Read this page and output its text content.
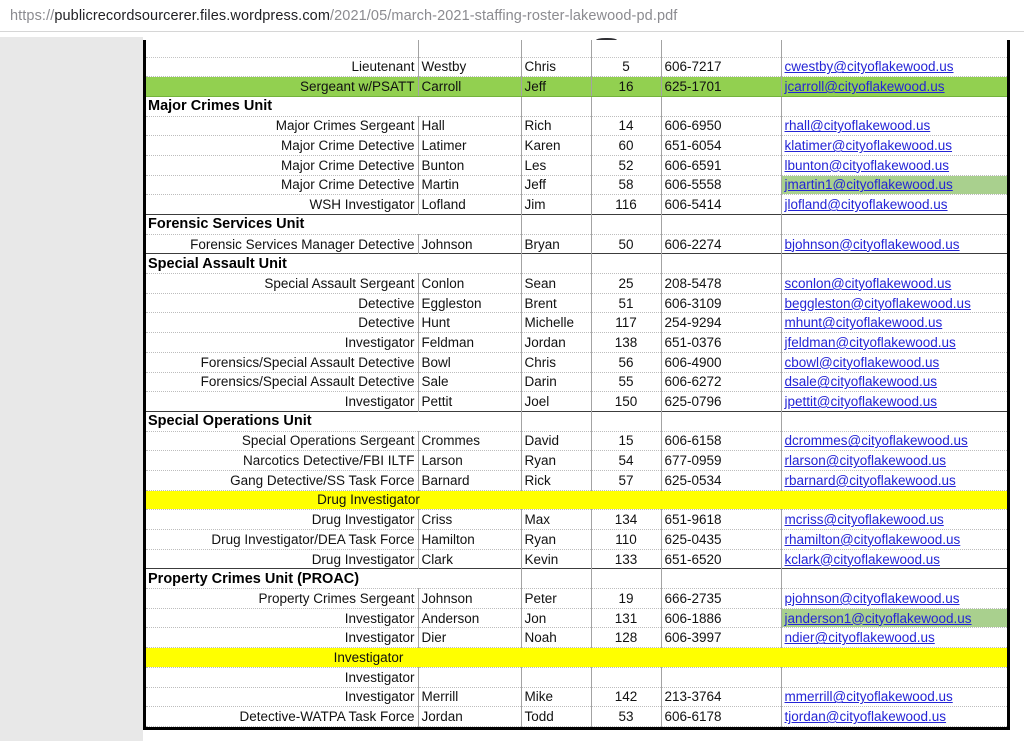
https:// publicrecordsourcerer.files.wordpress.com /2021/05/march-2021-staffing-roster-lakewood-pd.pdf

Lieutenant	Westby	Chris	5	606-7217	cwestby@cityoflakewood.us
Sergeant w/PSATT	Carroll	Jeff	16	625-1701	jcarroll@cityoflakewood.us
Major Crimes Unit					
Major Crimes Sergeant	Hall	Rich	14	606-6950	rhall@cityoflakewood.us
Major Crime Detective	Latimer	Karen	60	651-6054	klatimer@cityoflakewood.us
Major Crime Detective	Bunton	Les	52	606-6591	lbunton@cityoflakewood.us
Major Crime Detective	Martin	Jeff	58	606-5558	jmartin1@cityoflakewood.us
WSH Investigator	Lofland	Jim	116	606-5414	jlofland@cityoflakewood.us
Forensic Services Unit					
Forensic Services Manager Detective	Johnson	Bryan	50	606-2274	bjohnson@cityoflakewood.us
Special Assault Unit					
Special Assault Sergeant	Conlon	Sean	25	208-5478	sconlon@cityoflakewood.us
Detective	Eggleston	Brent	51	606-3109	beggleston@cityoflakewood.us
Detective	Hunt	Michelle	117	254-9294	mhunt@cityoflakewood.us
Investigator	Feldman	Jordan	138	651-0376	jfeldman@cityoflakewood.us
Forensics/Special Assault Detective	Bowl	Chris	56	606-4900	cbowl@cityoflakewood.us
Forensics/Special Assault Detective	Sale	Darin	55	606-6272	dsale@cityoflakewood.us
Investigator	Pettit	Joel	150	625-0796	jpettit@cityoflakewood.us
Special Operations Unit					
Special Operations Sergeant	Crommes	David	15	606-6158	dcrommes@cityoflakewood.us
Narcotics Detective/FBI ILTF	Larson	Ryan	54	677-0959	rlarson@cityoflakewood.us
Gang Detective/SS Task Force	Barnard	Rick	57	625-0534	rbarnard@cityoflakewood.us
Drug Investigator					
Drug Investigator	Criss	Max	134	651-9618	mcriss@cityoflakewood.us
Drug Investigator/DEA Task Force	Hamilton	Ryan	110	625-0435	rhamilton@cityoflakewood.us
Drug Investigator	Clark	Kevin	133	651-6520	kclark@cityoflakewood.us
Property Crimes Unit (PROAC)					
Property Crimes Sergeant	Johnson	Peter	19	666-2735	pjohnson@cityoflakewood.us
Investigator	Anderson	Jon	131	606-1886	janderson1@cityoflakewood.us
Investigator	Dier	Noah	128	606-3997	ndier@cityoflakewood.us
Investigator					
Investigator					
Investigator	Merrill	Mike	142	213-3764	mmerrill@cityoflakewood.us
Detective-WATPA Task Force	Jordan	Todd	53	606-6178	tjordan@cityoflakewood.us
